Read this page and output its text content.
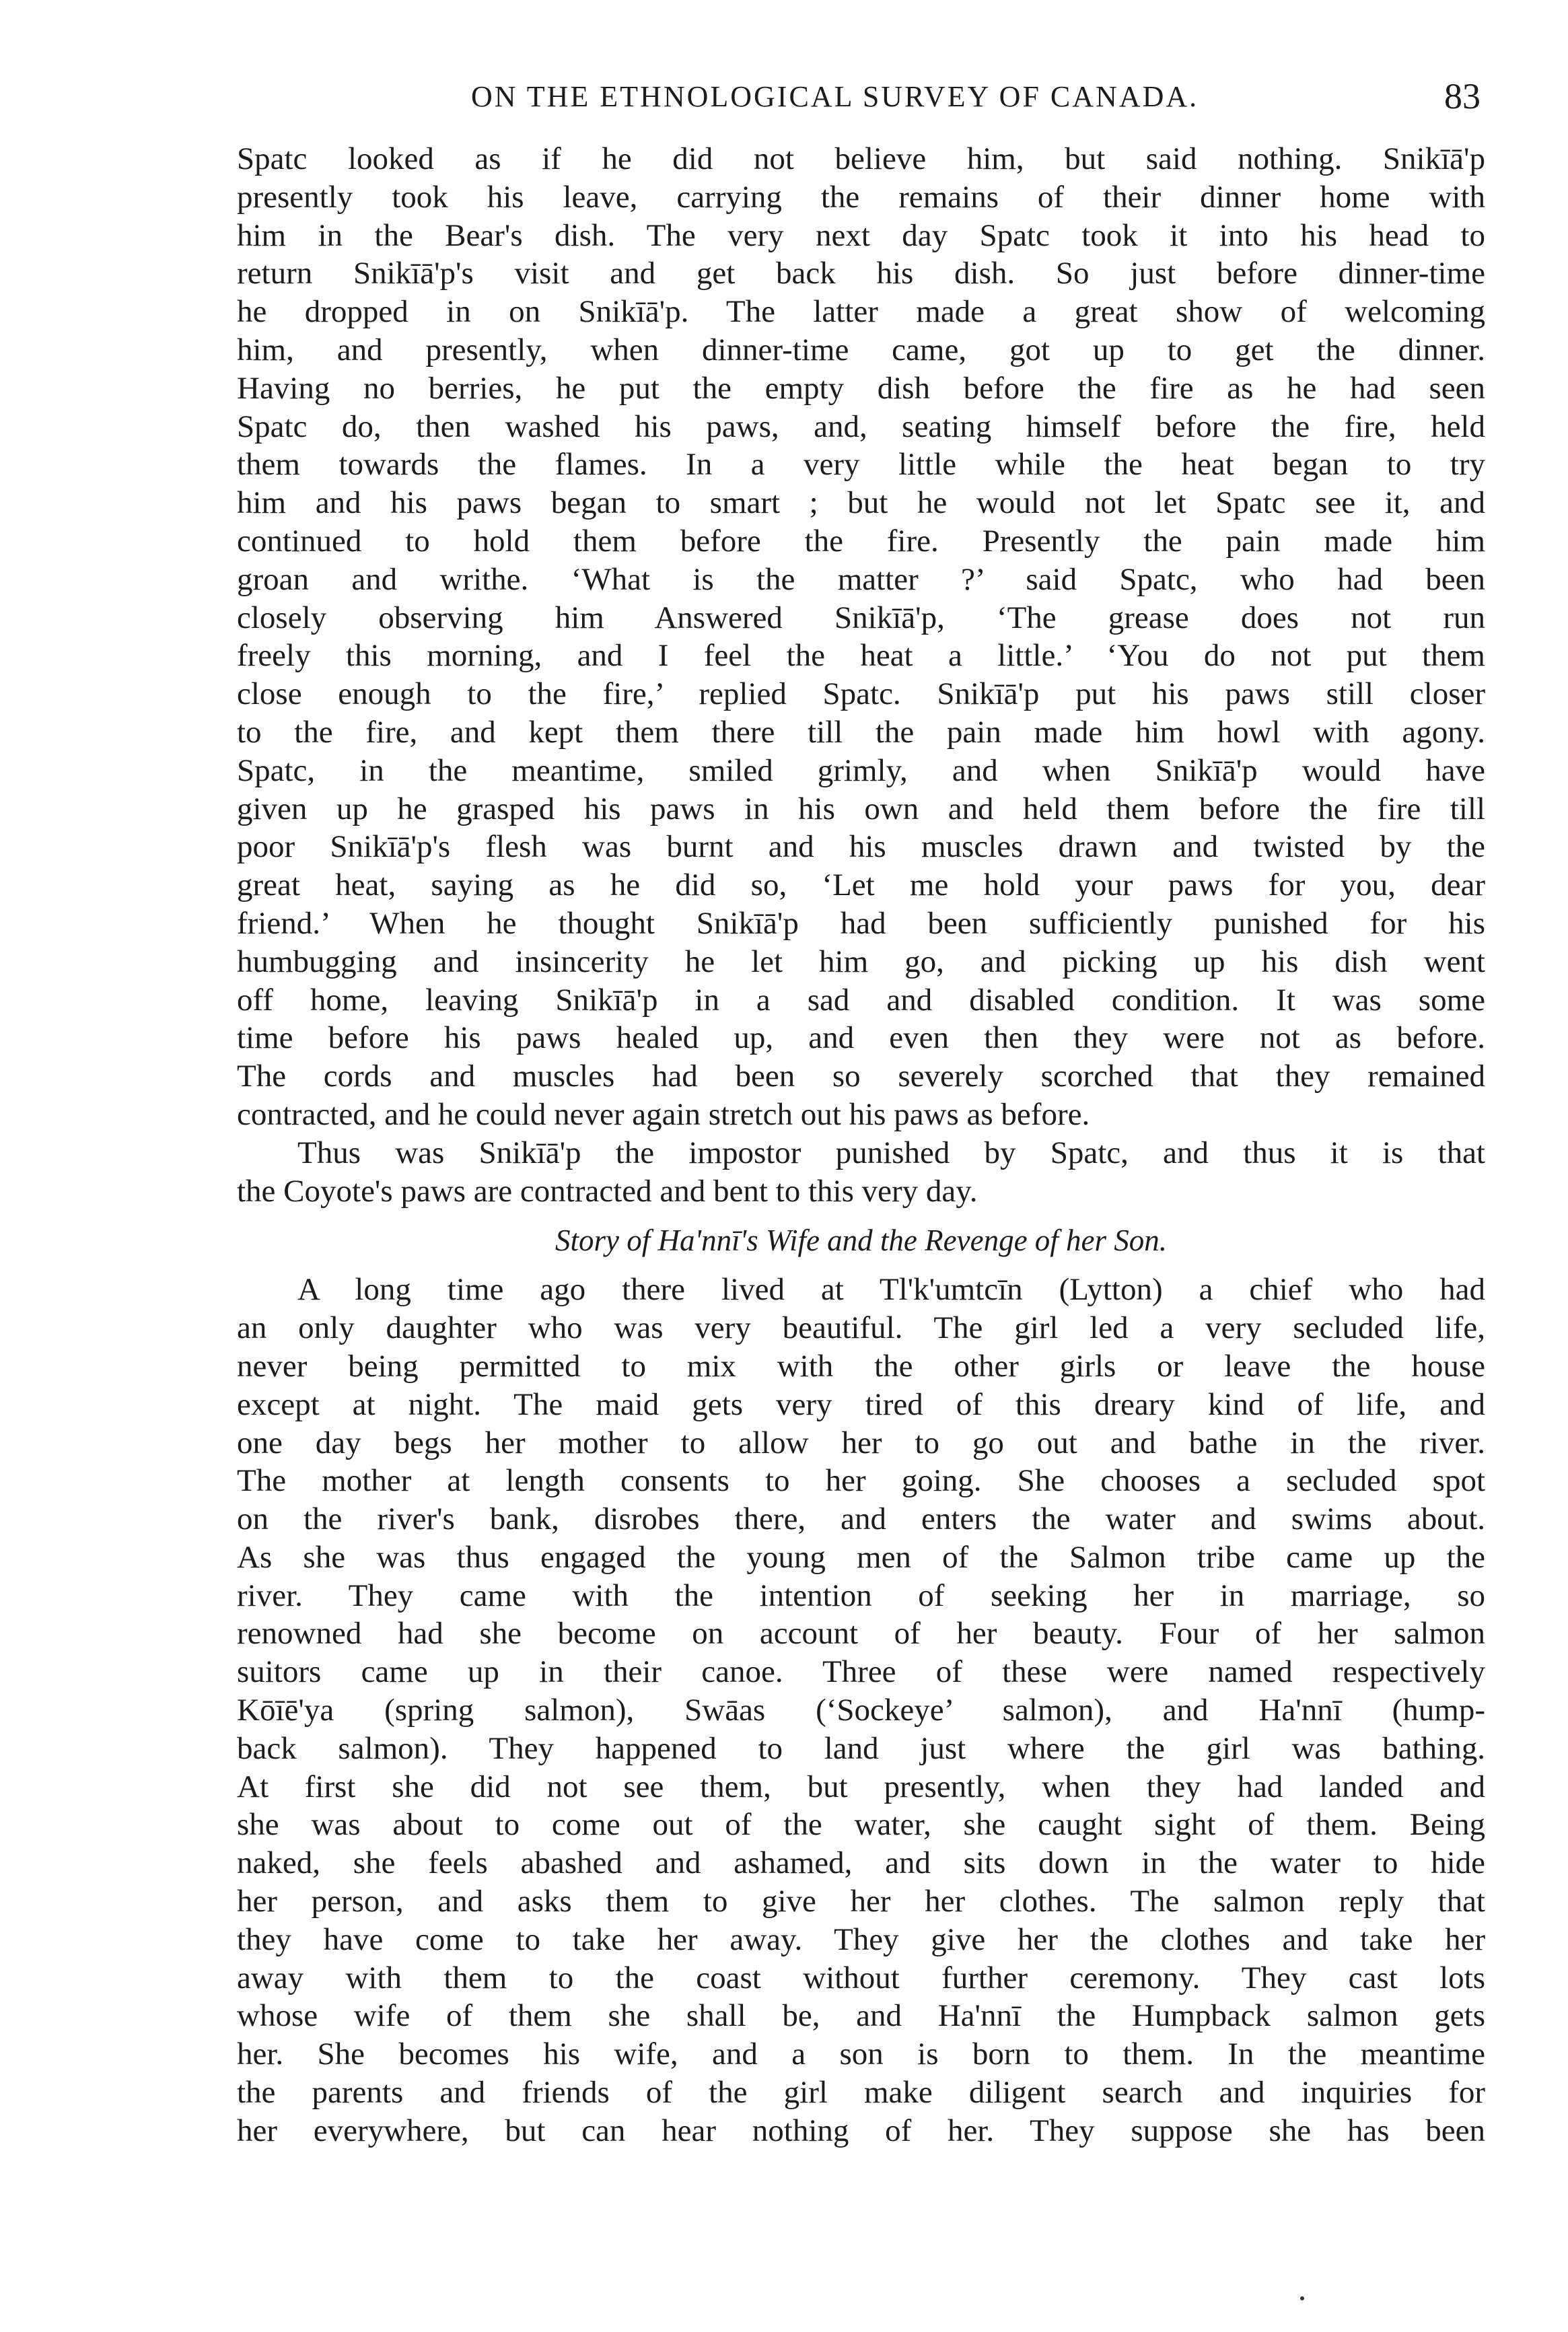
ON THE ETHNOLOGICAL SURVEY OF CANADA.	83
Spatc looked as if he did not believe him, but said nothing. Snikīā'p
presently took his leave, carrying the remains of their dinner home with
him in the Bear's dish. The very next day Spatc took it into his head to
return Snikīā'p's visit and get back his dish. So just before dinner-time
he dropped in on Snikīā'p. The latter made a great show of welcoming
him, and presently, when dinner-time came, got up to get the dinner.
Having no berries, he put the empty dish before the fire as he had seen
Spatc do, then washed his paws, and, seating himself before the fire, held
them towards the flames. In a very little while the heat began to try
him and his paws began to smart ; but he would not let Spatc see it, and
continued to hold them before the fire. Presently the pain made him
groan and writhe. ‘What is the matter ?’ said Spatc, who had been
closely observing him Answered Snikīā'p, ‘The grease does not run
freely this morning, and I feel the heat a little.’ ‘You do not put them
close enough to the fire,’ replied Spatc. Snikīā'p put his paws still closer
to the fire, and kept them there till the pain made him howl with agony.
Spatc, in the meantime, smiled grimly, and when Snikīā'p would have
given up he grasped his paws in his own and held them before the fire till
poor Snikīā'p's flesh was burnt and his muscles drawn and twisted by the
great heat, saying as he did so, ‘Let me hold your paws for you, dear
friend.’ When he thought Snikīā'p had been sufficiently punished for his
humbugging and insincerity he let him go, and picking up his dish went
off home, leaving Snikīā'p in a sad and disabled condition. It was some
time before his paws healed up, and even then they were not as before.
The cords and muscles had been so severely scorched that they remained
contracted, and he could never again stretch out his paws as before.
Thus was Snikīā'p the impostor punished by Spatc, and thus it is that
the Coyote's paws are contracted and bent to this very day.
Story of Ha'nnī's Wife and the Revenge of her Son.
A long time ago there lived at Tl'k'umtcīn (Lytton) a chief who had
an only daughter who was very beautiful. The girl led a very secluded life,
never being permitted to mix with the other girls or leave the house
except at night. The maid gets very tired of this dreary kind of life, and
one day begs her mother to allow her to go out and bathe in the river.
The mother at length consents to her going. She chooses a secluded spot
on the river's bank, disrobes there, and enters the water and swims about.
As she was thus engaged the young men of the Salmon tribe came up the
river. They came with the intention of seeking her in marriage, so
renowned had she become on account of her beauty. Four of her salmon
suitors came up in their canoe. Three of these were named respectively
Kōīē'ya (spring salmon), Swāas (‘Sockeye’ salmon), and Ha'nnī (hump-
back salmon). They happened to land just where the girl was bathing.
At first she did not see them, but presently, when they had landed and
she was about to come out of the water, she caught sight of them. Being
naked, she feels abashed and ashamed, and sits down in the water to hide
her person, and asks them to give her her clothes. The salmon reply that
they have come to take her away. They give her the clothes and take her
away with them to the coast without further ceremony. They cast lots
whose wife of them she shall be, and Ha'nnī the Humpback salmon gets
her. She becomes his wife, and a son is born to them. In the meantime
the parents and friends of the girl make diligent search and inquiries for
her everywhere, but can hear nothing of her. They suppose she has been
